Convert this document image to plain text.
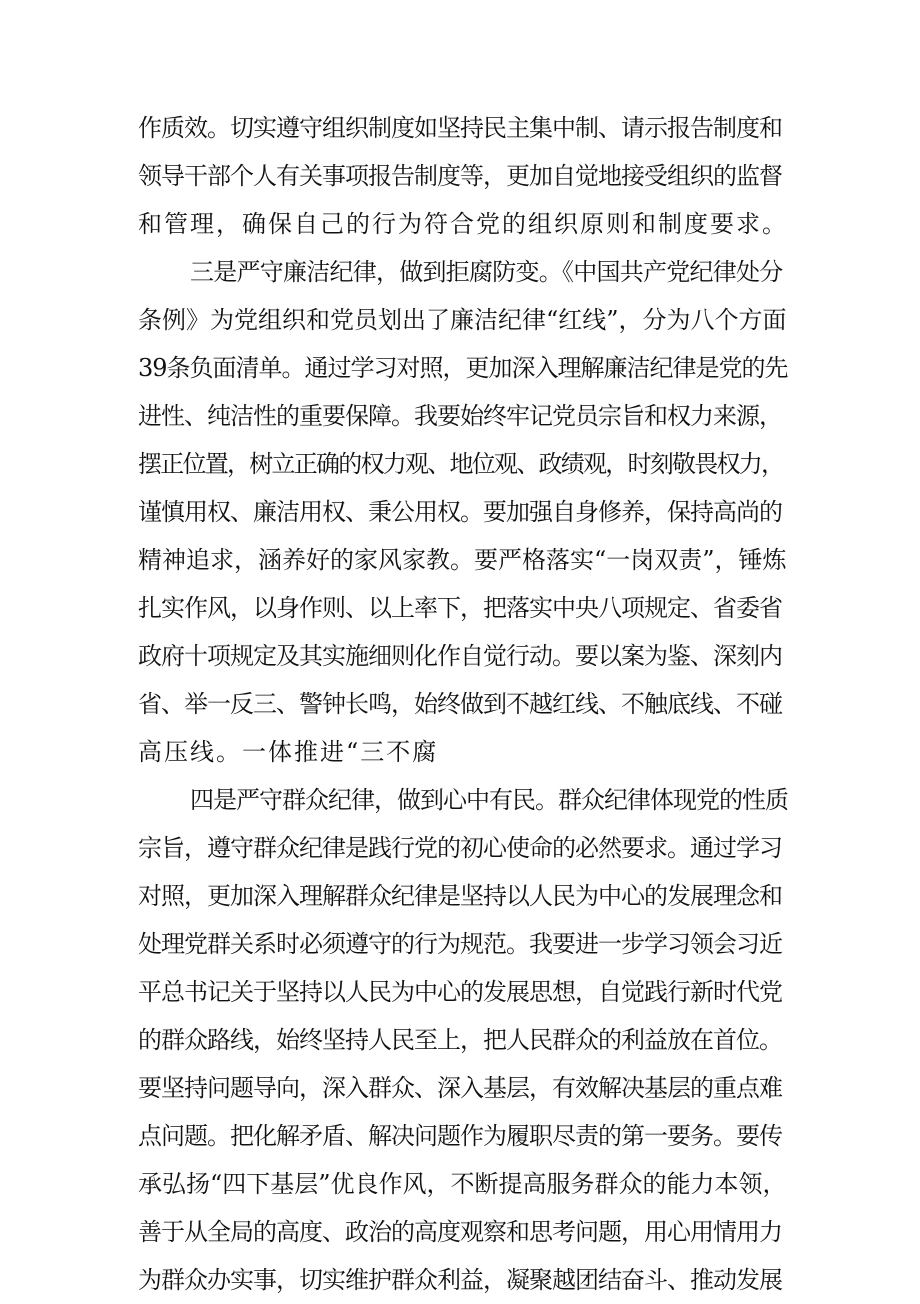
作质效。切实遵守组织制度如坚持民主集中制、请示报告制度和
领导干部个人有关事项报告制度等，更加自觉地接受组织的监督
和管理，确保自己的行为符合党的组织原则和制度要求。
三是严守廉洁纪律，做到拒腐防变。《中国共产党纪律处分
条例》为党组织和党员划出了廉洁纪律“红线”，分为八个方面
39条负面清单。通过学习对照，更加深入理解廉洁纪律是党的先
进性、纯洁性的重要保障。我要始终牢记党员宗旨和权力来源，
摆正位置，树立正确的权力观、地位观、政绩观，时刻敬畏权力，
谨慎用权、廉洁用权、秉公用权。要加强自身修养，保持高尚的
精神追求，涵养好的家风家教。要严格落实“一岗双责”，锤炼
扎实作风，以身作则、以上率下，把落实中央八项规定、省委省
政府十项规定及其实施细则化作自觉行动。要以案为鉴、深刻内
省、举一反三、警钟长鸣，始终做到不越红线、不触底线、不碰
高压线。一体推进“三不腐
四是严守群众纪律，做到心中有民。群众纪律体现党的性质
宗旨，遵守群众纪律是践行党的初心使命的必然要求。通过学习
对照，更加深入理解群众纪律是坚持以人民为中心的发展理念和
处理党群关系时必须遵守的行为规范。我要进一步学习领会习近
平总书记关于坚持以人民为中心的发展思想，自觉践行新时代党
的群众路线，始终坚持人民至上，把人民群众的利益放在首位。
要坚持问题导向，深入群众、深入基层，有效解决基层的重点难
点问题。把化解矛盾、解决问题作为履职尽责的第一要务。要传
承弘扬“四下基层”优良作风，不断提高服务群众的能力本领，
善于从全局的高度、政治的高度观察和思考问题，用心用情用力
为群众办实事，切实维护群众利益，凝聚越团结奋斗、推动发展
